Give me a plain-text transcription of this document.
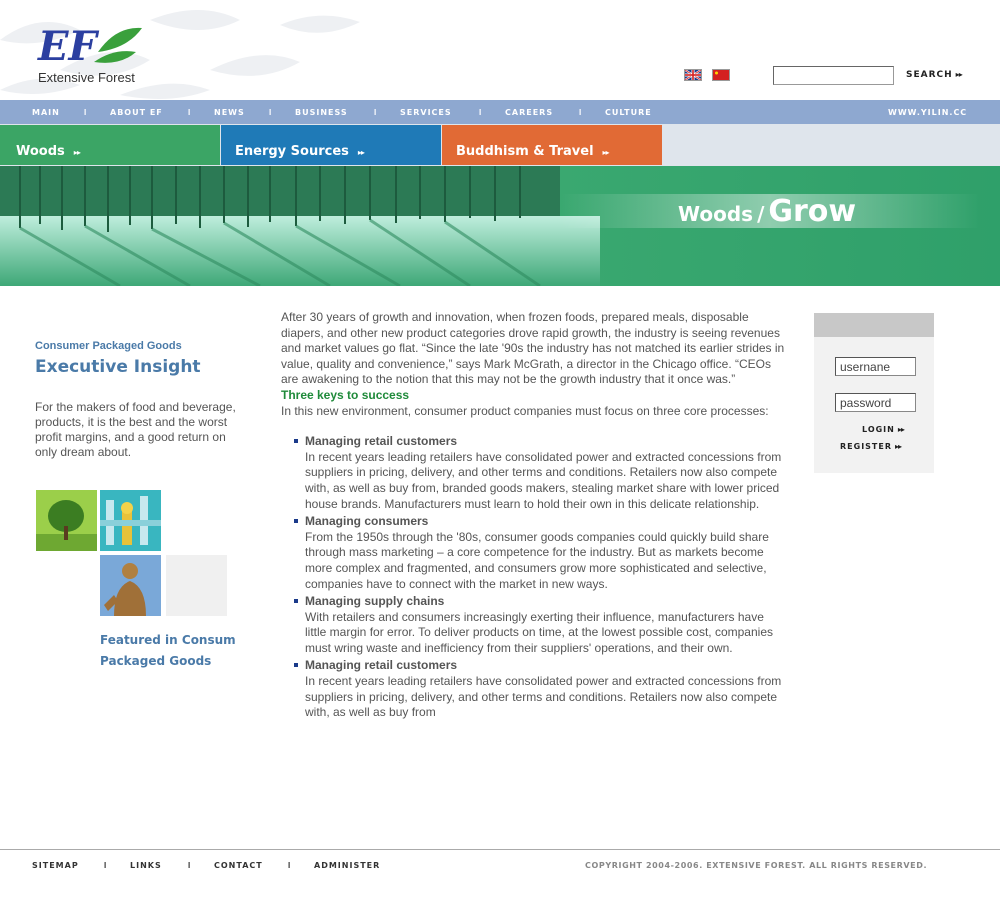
EF
Extensive Forest	SEARCH ▸▸
MAIN	I	ABOUT EF	I	NEWS	I	BUSINESS	I	SERVICES	I	CAREERS	I	CULTURE	WWW.YILIN.CC
Woods ▸▸	Energy Sources ▸▸	Buddhism & Travel ▸▸
Woods / Grow
Consumer Packaged Goods
Executive Insight
For the makers of food and beverage, products, it is the best and the worst profit margins, and a good return on only dream about.
Featured in Consum
Packaged Goods

After 30 years of growth and innovation, when frozen foods, prepared meals, disposable diapers, and other new product categories drove rapid growth, the industry is seeing revenues and market values go flat. “Since the late '90s the industry has not matched its earlier strides in value, quality and convenience,” says Mark McGrath, a director in the Chicago office. “CEOs are awakening to the notion that this may not be the growth industry that it once was.”

Three keys to success

In this new environment, consumer product companies must focus on three core processes:

Managing retail customers
In recent years leading retailers have consolidated power and extracted concessions from suppliers in pricing, delivery, and other terms and conditions. Retailers now also compete with, as well as buy from, branded goods makers, stealing market share with lower priced house brands. Manufacturers must learn to hold their own in this delicate relationship.
Managing consumers
From the 1950s through the '80s, consumer goods companies could quickly build share through mass marketing – a core competence for the industry. But as markets become more complex and fragmented, and consumers grow more sophisticated and selective, companies have to connect with the market in new ways.
Managing supply chains
With retailers and consumers increasingly exerting their influence, manufacturers have little margin for error. To deliver products on time, at the lowest possible cost, companies must wring waste and inefficiency from their suppliers' operations, and their own.
Managing retail customers
In recent years leading retailers have consolidated power and extracted concessions from suppliers in pricing, delivery, and other terms and conditions. Retailers now also compete with, as well as buy from
usernane
password
LOGIN ▸▸
REGISTER ▸▸
SITEMAP	I	LINKS	I	CONTACT	I	ADMINISTER	COPYRIGHT 2004-2006. EXTENSIVE FOREST. ALL RIGHTS RESERVED.
